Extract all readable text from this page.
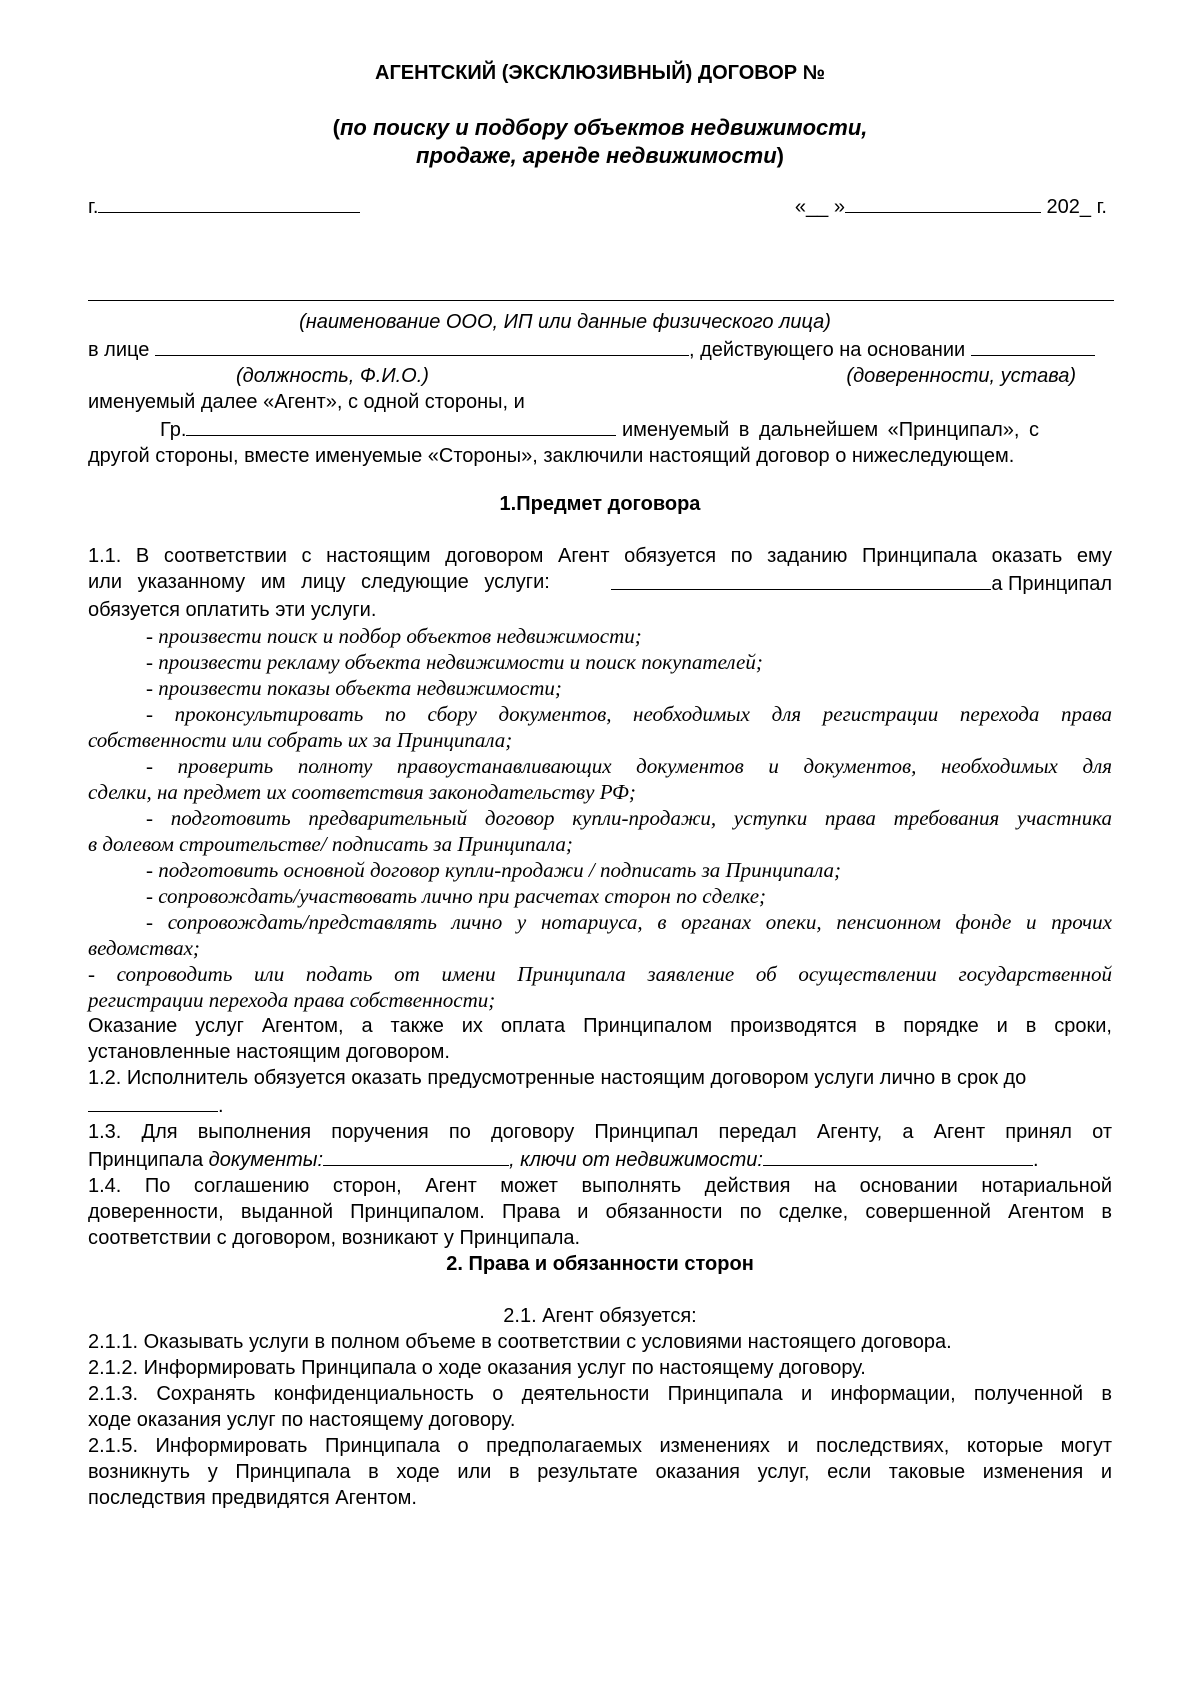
АГЕНТСКИЙ (ЭКСКЛЮЗИВНЫЙ) ДОГОВОР №

(по поиску и подбору объектов недвижимости,

продаже, аренде недвижимости)

г.	«__ »	202_ г.

(наименование ООО, ИП или данные физического лица)

в лице	, действующего на основании

(должность, Ф.И.О.)	(доверенности, устава)

именуемый далее «Агент», с одной стороны, и

Гр.	именуемый в дальнейшем «Принципал», с

другой стороны, вместе именуемые «Стороны», заключили настоящий договор о нижеследующем.

1.Предмет договора

1.1. В соответствии с настоящим договором Агент обязуется по заданию Принципала оказать ему

или указанному им лицу следующие услуги:	а Принципал

обязуется оплатить эти услуги.

- произвести поиск и подбор объектов недвижимости;

- произвести рекламу объекта недвижимости и поиск покупателей;

- произвести показы объекта недвижимости;

- проконсультировать по сбору документов, необходимых для регистрации перехода права

собственности или собрать их за Принципала;

- проверить полноту правоустанавливающих документов и документов, необходимых для

сделки, на предмет их соответствия законодательству РФ;

- подготовить предварительный договор купли-продажи, уступки права требования участника

в долевом строительстве/ подписать за Принципала;

- подготовить основной договор купли-продажи / подписать за Принципала;

- сопровождать/участвовать лично при расчетах сторон по сделке;

- сопровождать/представлять лично у нотариуса, в органах опеки, пенсионном фонде и прочих

ведомствах;

- сопроводить или подать от имени Принципала заявление об осуществлении государственной

регистрации перехода права собственности;

Оказание услуг Агентом, а также их оплата Принципалом производятся в порядке и в сроки,

установленные настоящим договором.

1.2. Исполнитель обязуется оказать предусмотренные настоящим договором услуги лично в срок до

.

1.3. Для выполнения поручения по договору Принципал передал Агенту, а Агент принял от

Принципала документы:	, ключи от недвижимости:	.

1.4. По соглашению сторон, Агент может выполнять действия на основании нотариальной

доверенности, выданной Принципалом. Права и обязанности по сделке, совершенной Агентом в

соответствии с договором, возникают у Принципала.

2. Права и обязанности сторон

2.1. Агент обязуется:

2.1.1. Оказывать услуги в полном объеме в соответствии с условиями настоящего договора.

2.1.2. Информировать Принципала о ходе оказания услуг по настоящему договору.

2.1.3. Сохранять конфиденциальность о деятельности Принципала и информации, полученной в

ходе оказания услуг по настоящему договору.

2.1.5. Информировать Принципала о предполагаемых изменениях и последствиях, которые могут

возникнуть у Принципала в ходе или в результате оказания услуг, если таковые изменения и

последствия предвидятся Агентом.
